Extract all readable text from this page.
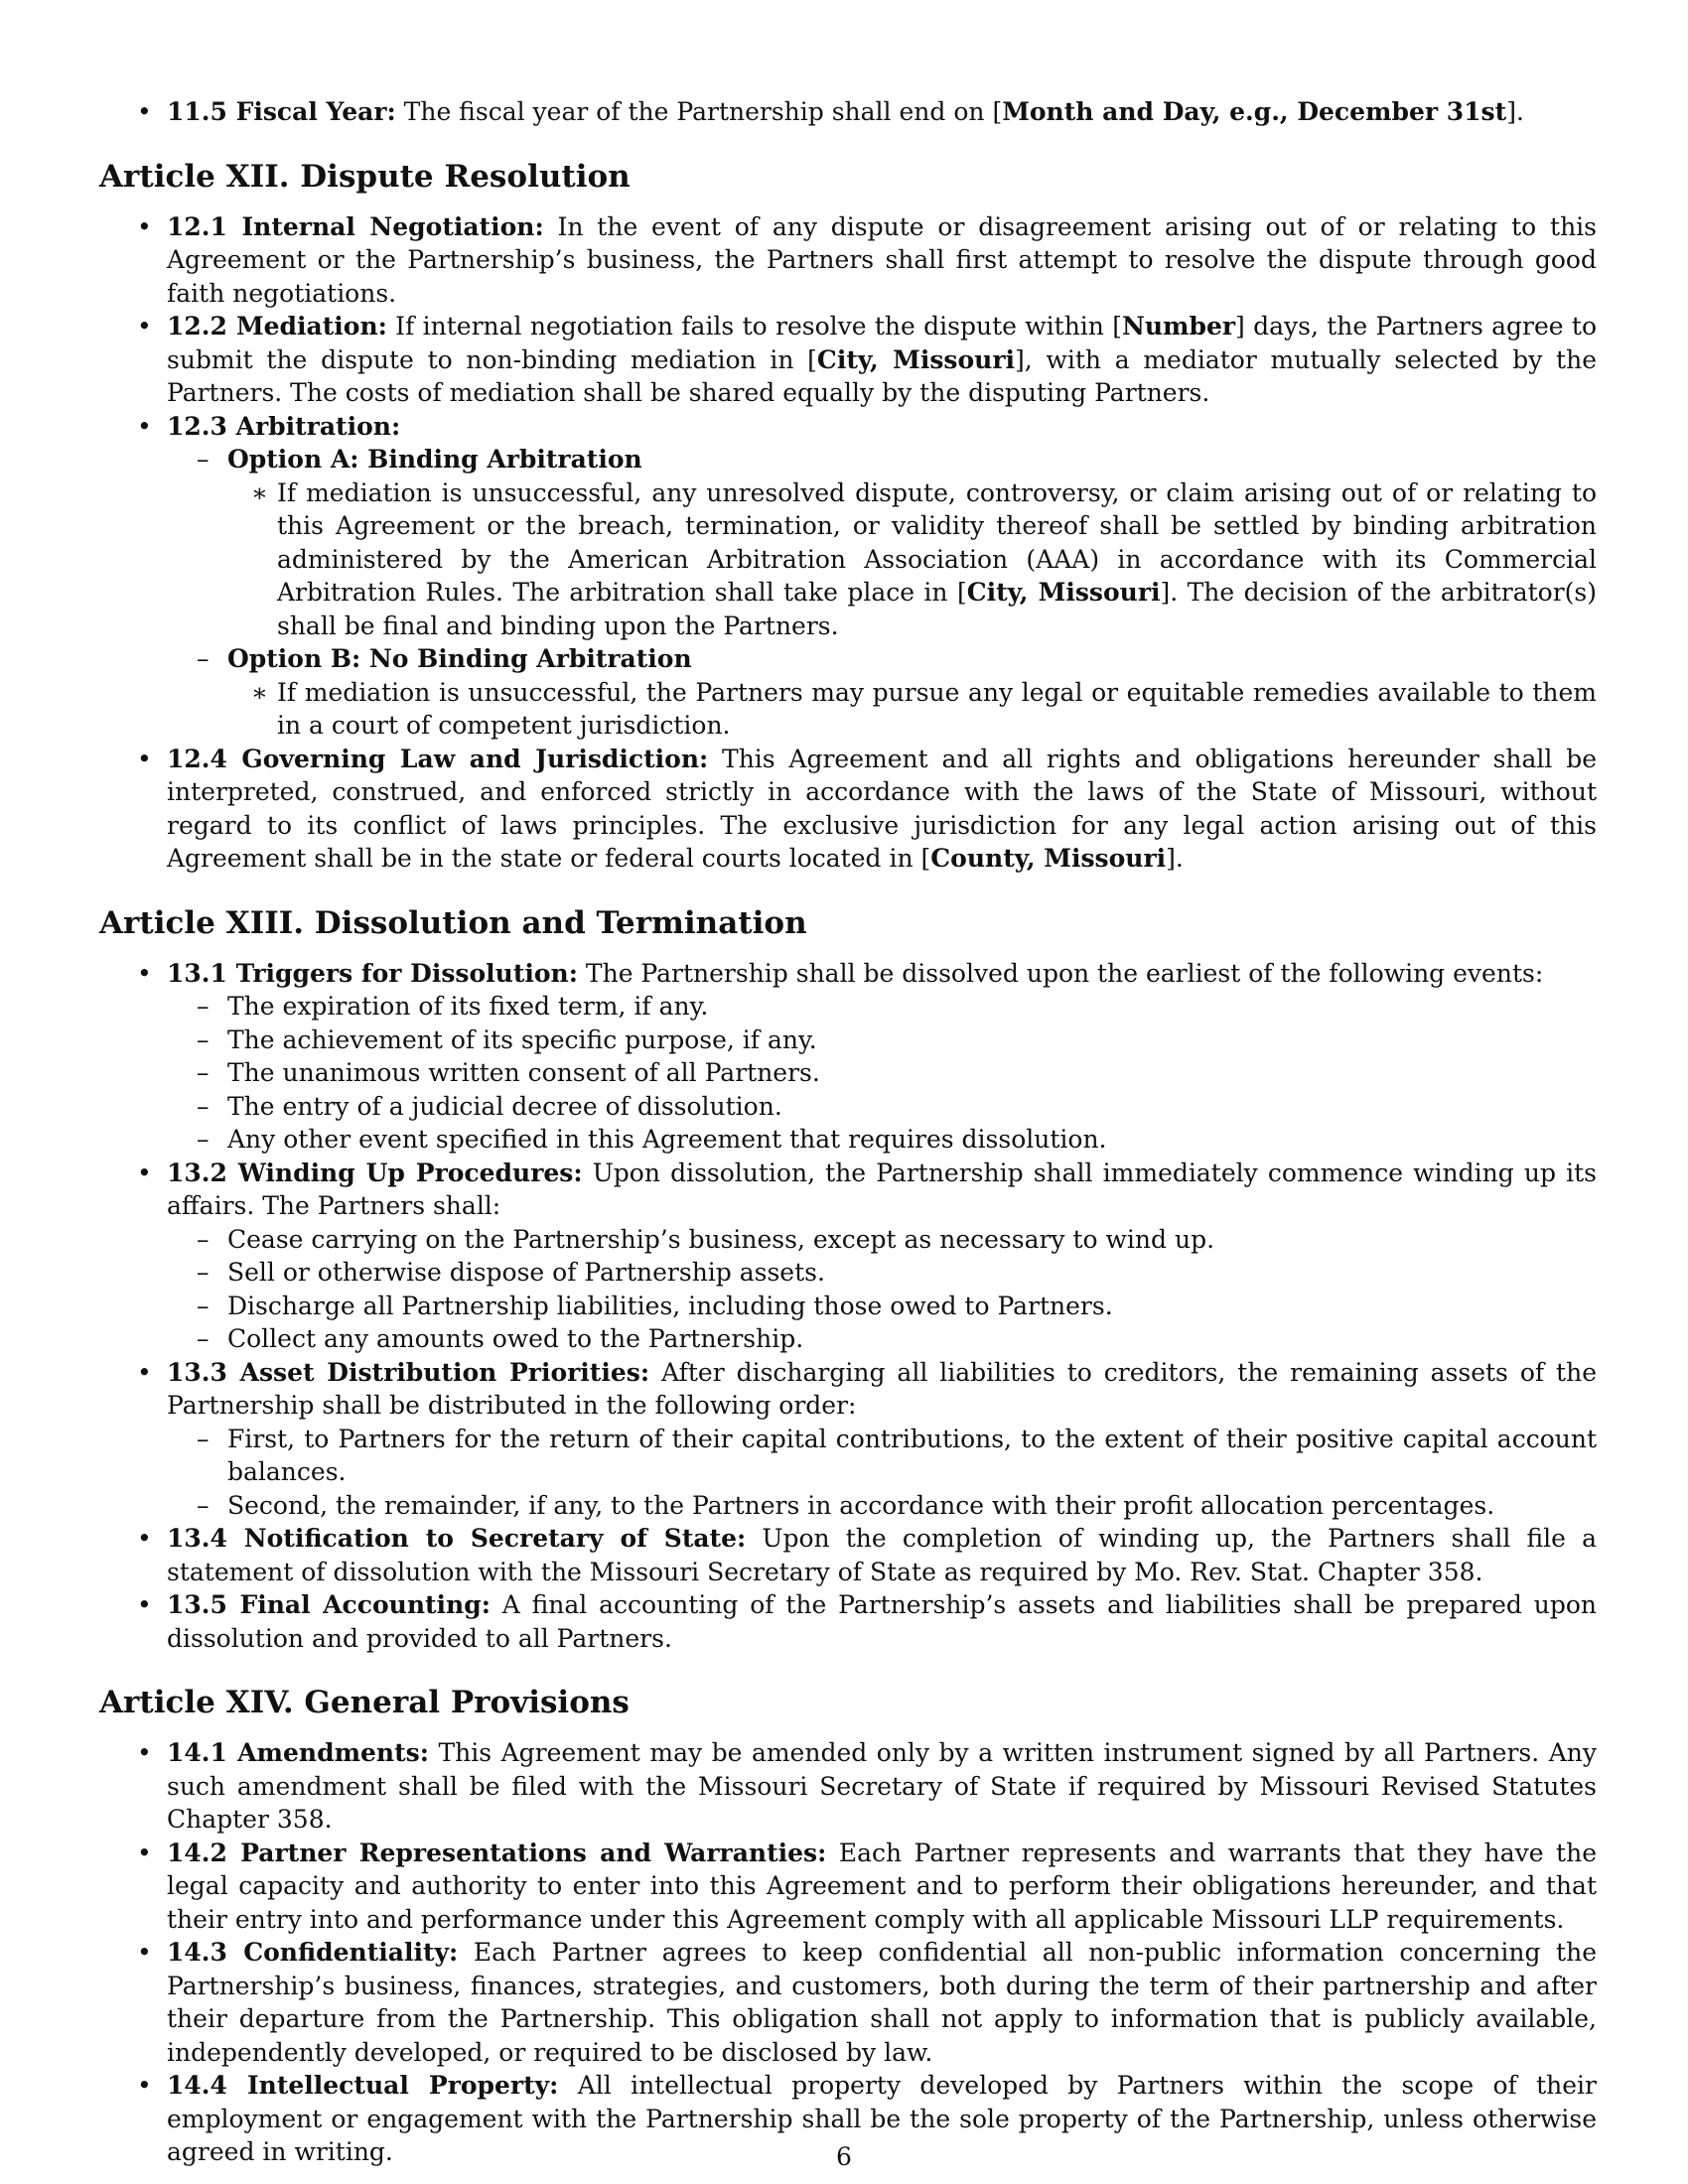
• 11.5 Fiscal Year: The fiscal year of the Partnership shall end on [Month and Day, e.g., December 31st].
Article XII. Dispute Resolution
• 12.1 Internal Negotiation: In the event of any dispute or disagreement arising out of or relating to this Agreement or the Partnership’s business, the Partners shall first attempt to resolve the dispute through good faith negotiations.
• 12.2 Mediation: If internal negotiation fails to resolve the dispute within [Number] days, the Partners agree to submit the dispute to non-binding mediation in [City, Missouri], with a mediator mutually selected by the Partners. The costs of mediation shall be shared equally by the disputing Partners.
• 12.3 Arbitration:
– Option A: Binding Arbitration
∗ If mediation is unsuccessful, any unresolved dispute, controversy, or claim arising out of or relating to this Agreement or the breach, termination, or validity thereof shall be settled by binding arbitration administered by the American Arbitration Association (AAA) in accordance with its Commercial Arbitration Rules. The arbitration shall take place in [City, Missouri]. The decision of the arbitrator(s) shall be final and binding upon the Partners.
– Option B: No Binding Arbitration
∗ If mediation is unsuccessful, the Partners may pursue any legal or equitable remedies available to them in a court of competent jurisdiction.
• 12.4 Governing Law and Jurisdiction: This Agreement and all rights and obligations hereunder shall be interpreted, construed, and enforced strictly in accordance with the laws of the State of Missouri, without regard to its conflict of laws principles. The exclusive jurisdiction for any legal action arising out of this Agreement shall be in the state or federal courts located in [County, Missouri].
Article XIII. Dissolution and Termination
• 13.1 Triggers for Dissolution: The Partnership shall be dissolved upon the earliest of the following events:
– The expiration of its fixed term, if any.
– The achievement of its specific purpose, if any.
– The unanimous written consent of all Partners.
– The entry of a judicial decree of dissolution.
– Any other event specified in this Agreement that requires dissolution.
• 13.2 Winding Up Procedures: Upon dissolution, the Partnership shall immediately commence winding up its affairs. The Partners shall:
– Cease carrying on the Partnership’s business, except as necessary to wind up.
– Sell or otherwise dispose of Partnership assets.
– Discharge all Partnership liabilities, including those owed to Partners.
– Collect any amounts owed to the Partnership.
• 13.3 Asset Distribution Priorities: After discharging all liabilities to creditors, the remaining assets of the Partnership shall be distributed in the following order:
– First, to Partners for the return of their capital contributions, to the extent of their positive capital account balances.
– Second, the remainder, if any, to the Partners in accordance with their profit allocation percentages.
• 13.4 Notification to Secretary of State: Upon the completion of winding up, the Partners shall file a statement of dissolution with the Missouri Secretary of State as required by Mo. Rev. Stat. Chapter 358.
• 13.5 Final Accounting: A final accounting of the Partnership’s assets and liabilities shall be prepared upon dissolution and provided to all Partners.
Article XIV. General Provisions
• 14.1 Amendments: This Agreement may be amended only by a written instrument signed by all Partners. Any such amendment shall be filed with the Missouri Secretary of State if required by Missouri Revised Statutes Chapter 358.
• 14.2 Partner Representations and Warranties: Each Partner represents and warrants that they have the legal capacity and authority to enter into this Agreement and to perform their obligations hereunder, and that their entry into and performance under this Agreement comply with all applicable Missouri LLP requirements.
• 14.3 Confidentiality: Each Partner agrees to keep confidential all non-public information concerning the Partnership’s business, finances, strategies, and customers, both during the term of their partnership and after their departure from the Partnership. This obligation shall not apply to information that is publicly available, independently developed, or required to be disclosed by law.
• 14.4 Intellectual Property: All intellectual property developed by Partners within the scope of their employment or engagement with the Partnership shall be the sole property of the Partnership, unless otherwise agreed in writing.	6
